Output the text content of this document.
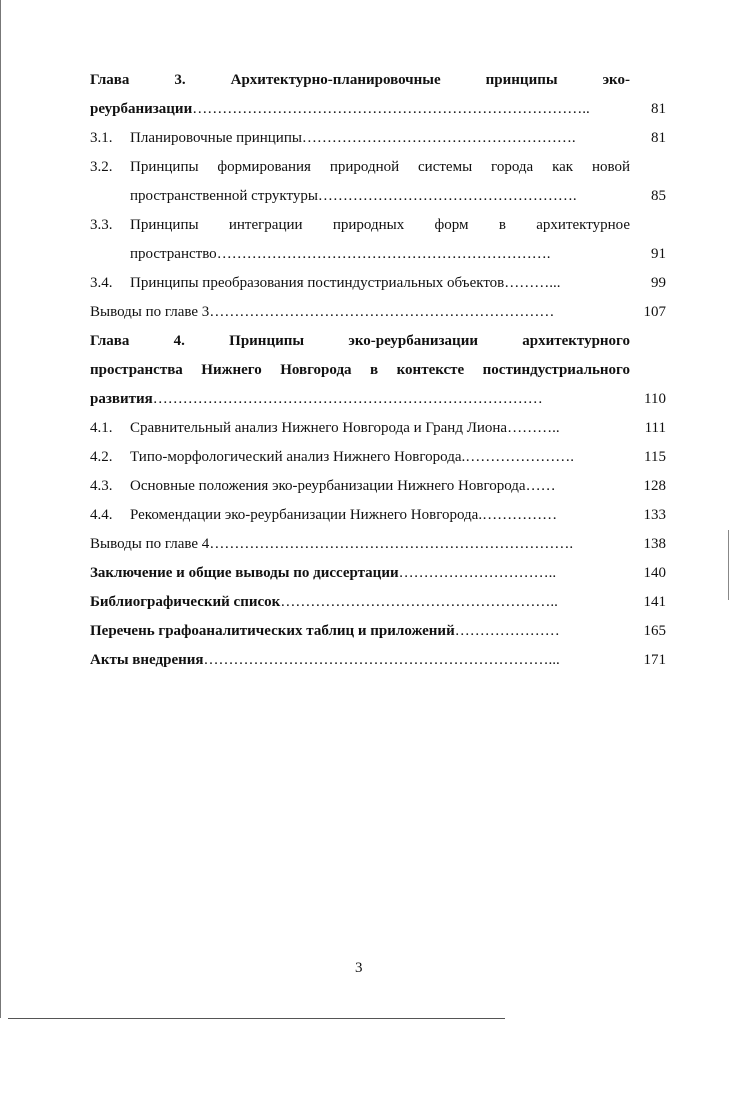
Глава 3. Архитектурно-планировочные принципы эко-
реурбанизации……………………………………………………………………..	81
3.1. Планировочные принципы……………………………………………….	81
3.2. Принципы формирования природной системы города как новой
пространственной структуры…………………………………………….	85
3.3. Принципы интеграции природных форм в архитектурное
пространство………………………………………………………….	91
3.4. Принципы преобразования постиндустриальных объектов………...	99
Выводы по главе 3……………………………………………………………	107
Глава 4. Принципы эко-реурбанизации архитектурного
пространства Нижнего Новгорода в контексте постиндустриального
развития……………………………………………………………………	110
4.1. Сравнительный анализ Нижнего Новгорода и Гранд Лиона………..	111
4.2. Типо-морфологический анализ Нижнего Новгорода.………………….	115
4.3. Основные положения эко-реурбанизации Нижнего Новгорода……	128
4.4. Рекомендации эко-реурбанизации Нижнего Новгорода.……………	133
Выводы по главе 4……………………………………………………………….	138
Заключение и общие выводы по диссертации…………………………..	140
Библиографический список………………………………………………..	141
Перечень графоаналитических таблиц и приложений…………………	165
Акты внедрения……………………………………………………………...	171
3
